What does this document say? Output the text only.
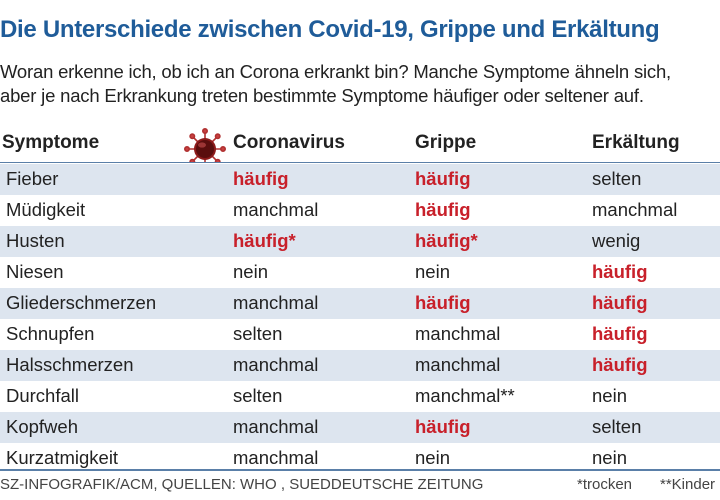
Die Unterschiede zwischen Covid-19, Grippe und Erkältung
Woran erkenne ich, ob ich an Corona erkrankt bin? Manche Symptome ähneln sich,
aber je nach Erkrankung treten bestimmte Symptome häufiger oder seltener auf.
Symptome	Coronavirus	Grippe	Erkältung
Fieber	häufig	häufig	selten
Müdigkeit	manchmal	häufig	manchmal
Husten	häufig*	häufig*	wenig
Niesen	nein	nein	häufig
Gliederschmerzen	manchmal	häufig	häufig
Schnupfen	selten	manchmal	häufig
Halsschmerzen	manchmal	manchmal	häufig
Durchfall	selten	manchmal**	nein
Kopfweh	manchmal	häufig	selten
Kurzatmigkeit	manchmal	nein	nein
SZ-INFOGRAFIK/ACM, QUELLEN: WHO , SUEDDEUTSCHE ZEITUNG	*trocken **Kinder
